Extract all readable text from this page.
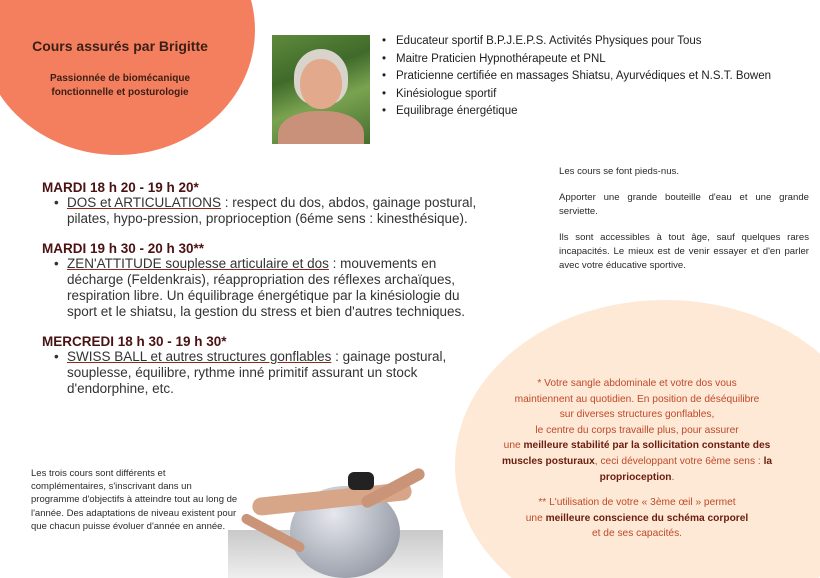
Cours assurés par Brigitte
Passionnée de biomécanique
fonctionnelle et posturologie
• Educateur sportif B.P.J.E.P.S. Activités Physiques pour Tous
• Maitre Praticien Hypnothérapeute et PNL
• Praticienne certifiée en massages Shiatsu, Ayurvédiques et N.S.T. Bowen
• Kinésiologue sportif
• Equilibrage énergétique
MARDI 18 h 20 - 19 h 20*
• DOS et ARTICULATIONS : respect du dos, abdos, gainage postural, pilates, hypo-pression, proprioception (6éme sens : kinesthésique).
MARDI 19 h 30 - 20 h 30**
• ZEN'ATTITUDE souplesse articulaire et dos : mouvements en décharge (Feldenkrais), réappropriation des réflexes archaïques, respiration libre. Un équilibrage énergétique par la kinésiologie du sport et le shiatsu, la gestion du stress et bien d'autres techniques.
MERCREDI 18 h 30 - 19 h 30*
• SWISS BALL et autres structures gonflables : gainage postural, souplesse, équilibre, rythme inné primitif assurant un stock d'endorphine, etc.

Les cours se font pieds-nus.

Apporter une grande bouteille d'eau et une grande serviette.

Ils sont accessibles à tout âge, sauf quelques rares incapacités. Le mieux est de venir essayer et d'en parler avec votre éducative sportive.

* Votre sangle abdominale et votre dos vous
maintiennent au quotidien. En position de déséquilibre
sur diverses structures gonflables,
le centre du corps travaille plus, pour assurer
une meilleure stabilité par la sollicitation constante des muscles posturaux, ceci développant votre 6ème sens : la proprioception.

** L'utilisation de votre « 3ème œil » permet
une meilleure conscience du schéma corporel
et de ses capacités.

Les trois cours sont différents et complémentaires, s'inscrivant dans un programme d'objectifs à atteindre tout au long de l'année. Des adaptations de niveau existent pour que chacun puisse évoluer d'année en année.
